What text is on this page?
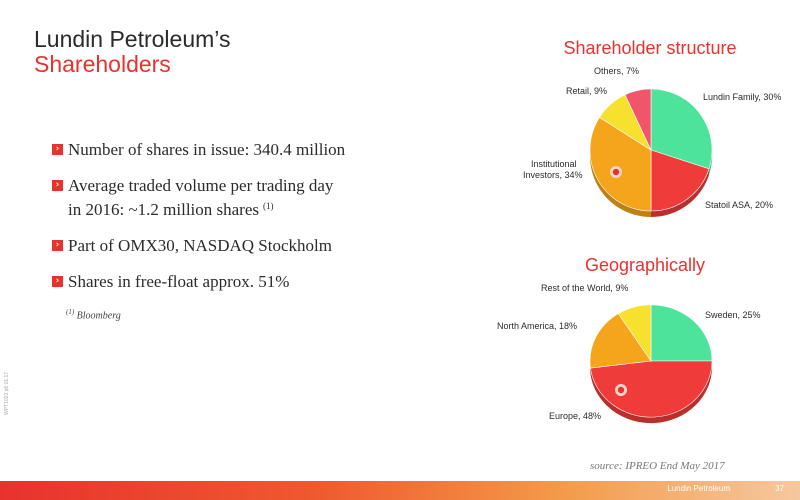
Lundin Petroleum’s
Shareholders
› Number of shares in issue: 340.4 million
› Average traded volume per trading day
in 2016: ~1.2 million shares $^{(1)}$
› Part of OMX30, NASDAQ Stockholm
› Shares in free-float approx. 51%
$^{(1)}$ Bloomberg
Shareholder structure
Geographically
Lundin Family, 30%
Statoil ASA, 20%
Institutional
Investors, 34%
Retail, 9%
Others, 7%
Sweden, 25%
Europe, 48%
North America, 18%
Rest of the World, 9%
source: IPREO End May 2017
WPT1023 p8 01.17
Lundin Petroleum	37
